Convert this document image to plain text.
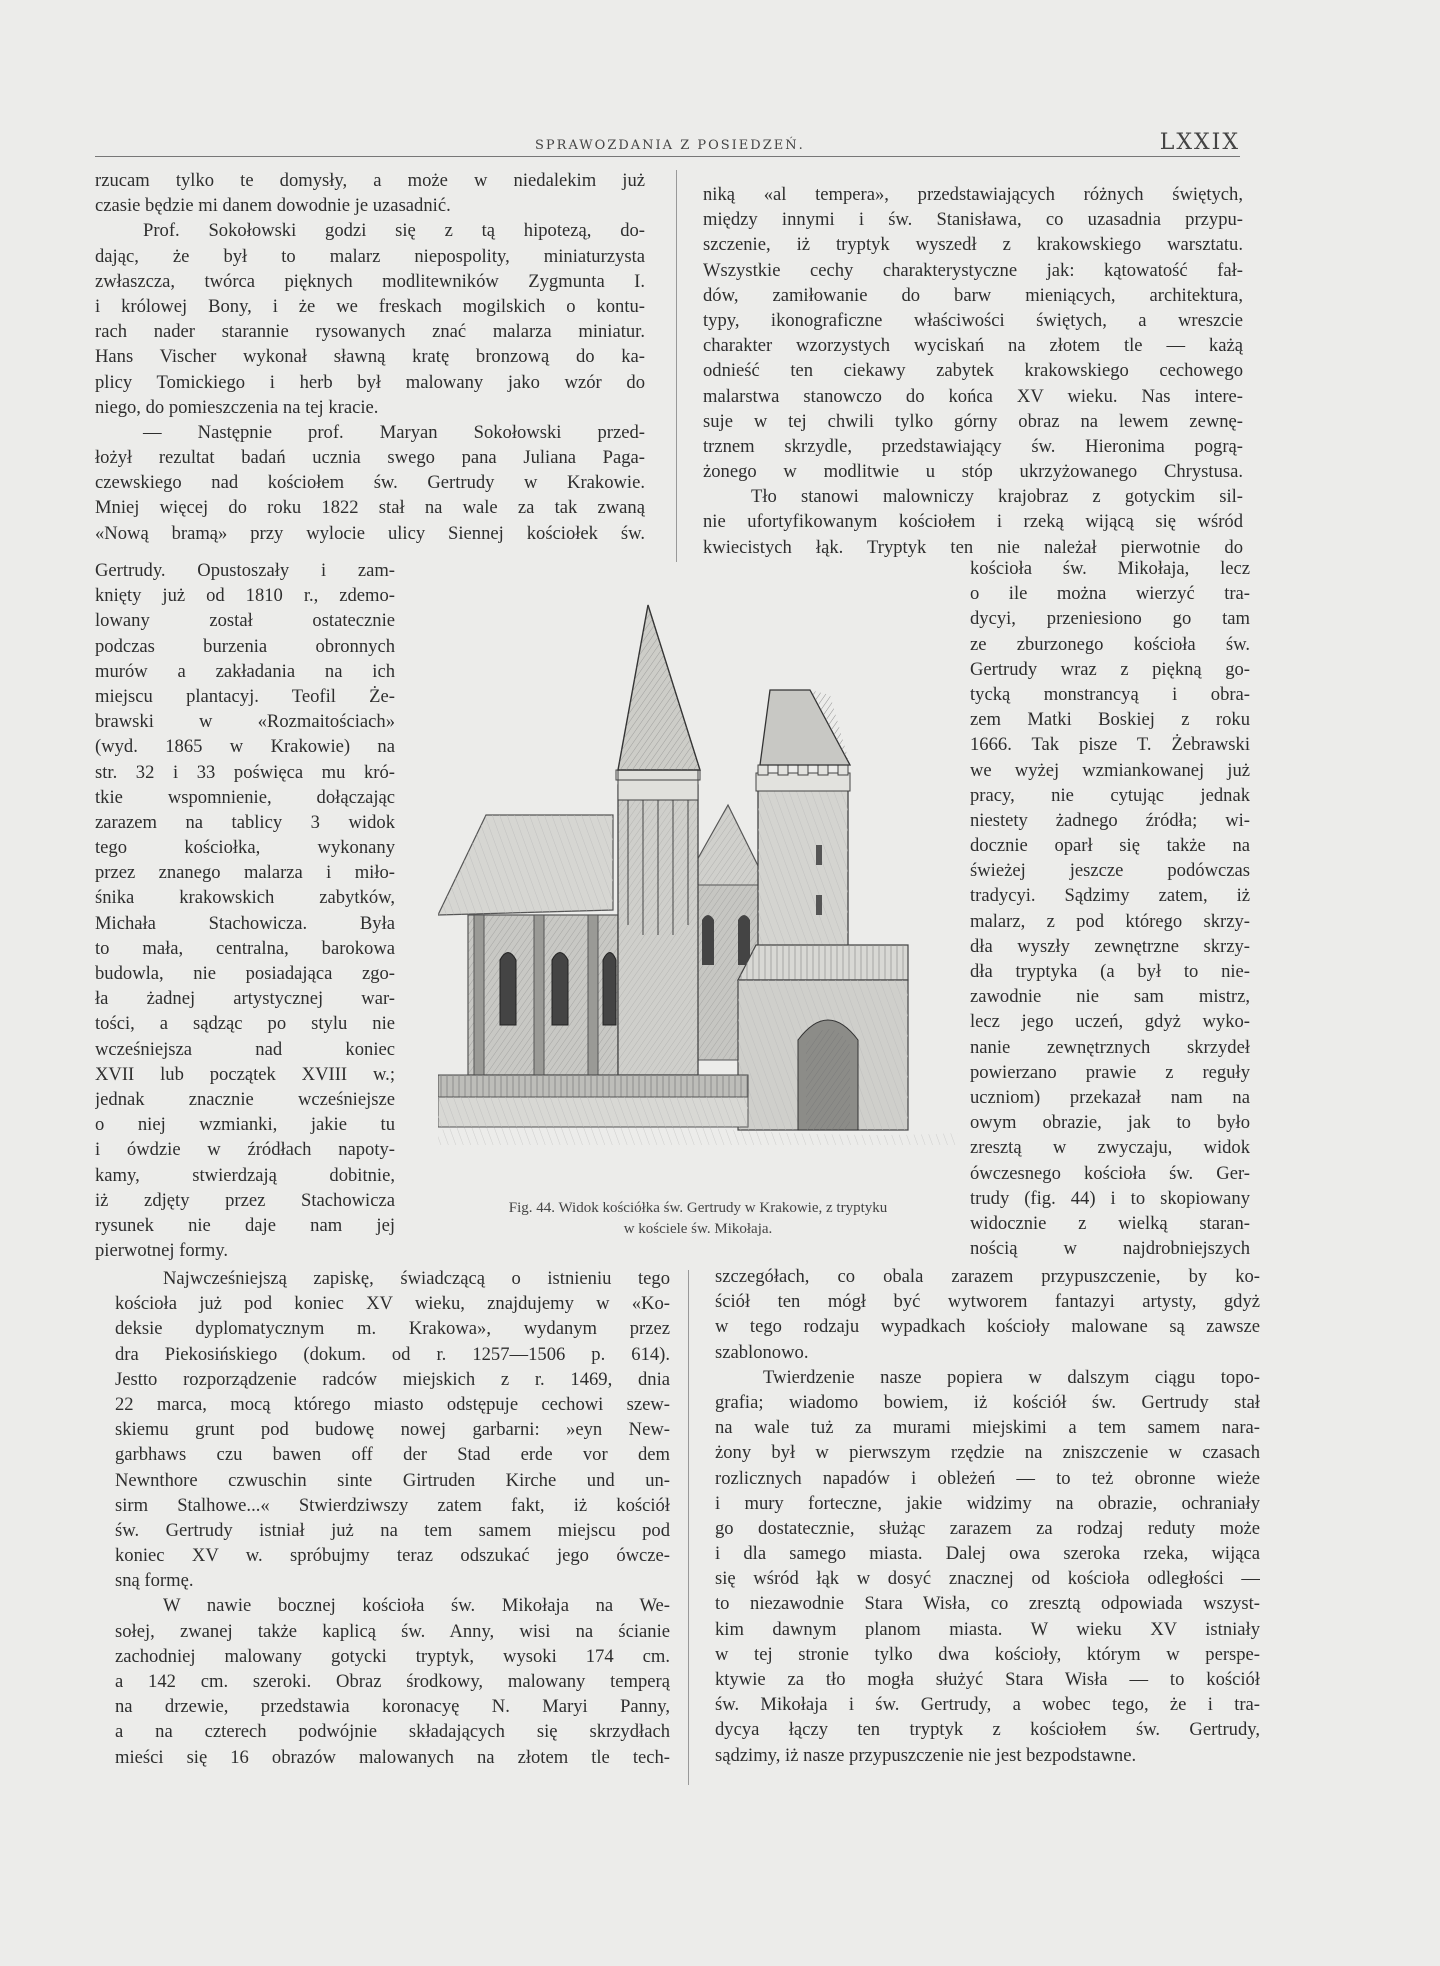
SPRAWOZDANIA Z POSIEDZEŃ.	LXXIX
rzucam tylko te domysły, a może w niedalekim już
czasie będzie mi danem dowodnie je uzasadnić.
Prof. Sokołowski godzi się z tą hipotezą, do-
dając, że był to malarz niepospolity, miniaturzysta
zwłaszcza, twórca pięknych modlitewników Zygmunta I.
i królowej Bony, i że we freskach mogilskich o kontu-
rach nader starannie rysowanych znać malarza miniatur.
Hans Vischer wykonał sławną kratę bronzową do ka-
plicy Tomickiego i herb był malowany jako wzór do
niego, do pomieszczenia na tej kracie.
— Następnie prof. Maryan Sokołowski przed-
łożył rezultat badań ucznia swego pana Juliana Paga-
czewskiego nad kościołem św. Gertrudy w Krakowie.
Mniej więcej do roku 1822 stał na wale za tak zwaną
«Nową bramą» przy wylocie ulicy Siennej kościołek św.
Gertrudy. Opustoszały i zam-
knięty już od 1810 r., zdemo-
lowany został ostatecznie
podczas burzenia obronnych
murów a zakładania na ich
miejscu plantacyj. Teofil Że-
brawski w «Rozmaitościach»
(wyd. 1865 w Krakowie) na
str. 32 i 33 poświęca mu kró-
tkie wspomnienie, dołączając
zarazem na tablicy 3 widok
tego kościołka, wykonany
przez znanego malarza i miło-
śnika krakowskich zabytków,
Michała Stachowicza. Była
to mała, centralna, barokowa
budowla, nie posiadająca zgo-
ła żadnej artystycznej war-
tości, a sądząc po stylu nie
wcześniejsza nad koniec
XVII lub początek XVIII w.;
jednak znacznie wcześniejsze
o niej wzmianki, jakie tu
i ówdzie w źródłach napoty-
kamy, stwierdzają dobitnie,
iż zdjęty przez Stachowicza
rysunek nie daje nam jej
pierwotnej formy.
Najwcześniejszą zapiskę, świadczącą o istnieniu tego
kościoła już pod koniec XV wieku, znajdujemy w «Ko-
deksie dyplomatycznym m. Krakowa», wydanym przez
dra Piekosińskiego (dokum. od r. 1257—1506 p. 614).
Jestto rozporządzenie radców miejskich z r. 1469, dnia
22 marca, mocą którego miasto odstępuje cechowi szew-
skiemu grunt pod budowę nowej garbarni: »eyn New-
garbhaws czu bawen off der Stad erde vor dem
Newnthore czwuschin sinte Girtruden Kirche und un-
sirm Stalhowe...« Stwierdziwszy zatem fakt, iż kościół
św. Gertrudy istniał już na tem samem miejscu pod
koniec XV w. spróbujmy teraz odszukać jego ówcze-
sną formę.
W nawie bocznej kościoła św. Mikołaja na We-
sołej, zwanej także kaplicą św. Anny, wisi na ścianie
zachodniej malowany gotycki tryptyk, wysoki 174 cm.
a 142 cm. szeroki. Obraz środkowy, malowany temperą
na drzewie, przedstawia koronacyę N. Maryi Panny,
a na czterech podwójnie składających się skrzydłach
mieści się 16 obrazów malowanych na złotem tle tech-
niką «al tempera», przedstawiających różnych świętych,
między innymi i św. Stanisława, co uzasadnia przypu-
szczenie, iż tryptyk wyszedł z krakowskiego warsztatu.
Wszystkie cechy charakterystyczne jak: kątowatość fał-
dów, zamiłowanie do barw mieniących, architektura,
typy, ikonograficzne właściwości świętych, a wreszcie
charakter wzorzystych wyciskań na złotem tle — każą
odnieść ten ciekawy zabytek krakowskiego cechowego
malarstwa stanowczo do końca XV wieku. Nas intere-
suje w tej chwili tylko górny obraz na lewem zewnę-
trznem skrzydle, przedstawiający św. Hieronima pogrą-
żonego w modlitwie u stóp ukrzyżowanego Chrystusa.
Tło stanowi malowniczy krajobraz z gotyckim sil-
nie ufortyfikowanym kościołem i rzeką wijącą się wśród
kwiecistych łąk. Tryptyk ten nie należał pierwotnie do
kościoła św. Mikołaja, lecz
o ile można wierzyć tra-
dycyi, przeniesiono go tam
ze zburzonego kościoła św.
Gertrudy wraz z piękną go-
tycką monstrancyą i obra-
zem Matki Boskiej z roku
1666. Tak pisze T. Żebrawski
we wyżej wzmiankowanej już
pracy, nie cytując jednak
niestety żadnego źródła; wi-
docznie oparł się także na
świeżej jeszcze podówczas
tradycyi. Sądzimy zatem, iż
malarz, z pod którego skrzy-
dła wyszły zewnętrzne skrzy-
dła tryptyka (a był to nie-
zawodnie nie sam mistrz,
lecz jego uczeń, gdyż wyko-
nanie zewnętrznych skrzydeł
powierzano prawie z reguły
uczniom) przekazał nam na
owym obrazie, jak to było
zresztą w zwyczaju, widok
ówczesnego kościoła św. Ger-
trudy (fig. 44) i to skopiowany
widocznie z wielką staran-
nością w najdrobniejszych
szczegółach, co obala zarazem przypuszczenie, by ko-
ściół ten mógł być wytworem fantazyi artysty, gdyż
w tego rodzaju wypadkach kościoły malowane są zawsze
szablonowo.
Twierdzenie nasze popiera w dalszym ciągu topo-
grafia; wiadomo bowiem, iż kościół św. Gertrudy stał
na wale tuż za murami miejskimi a tem samem nara-
żony był w pierwszym rzędzie na zniszczenie w czasach
rozlicznych napadów i obleżeń — to też obronne wieże
i mury forteczne, jakie widzimy na obrazie, ochraniały
go dostatecznie, służąc zarazem za rodzaj reduty może
i dla samego miasta. Dalej owa szeroka rzeka, wijąca
się wśród łąk w dosyć znacznej od kościoła odległości —
to niezawodnie Stara Wisła, co zresztą odpowiada wszyst-
kim dawnym planom miasta. W wieku XV istniały
w tej stronie tylko dwa kościoły, którym w perspe-
ktywie za tło mogła służyć Stara Wisła — to kościół
św. Mikołaja i św. Gertrudy, a wobec tego, że i tra-
dycya łączy ten tryptyk z kościołem św. Gertrudy,
sądzimy, iż nasze przypuszczenie nie jest bezpodstawne.
Fig. 44. Widok kościółka św. Gertrudy w Krakowie, z tryptyku
w kościele św. Mikołaja.
